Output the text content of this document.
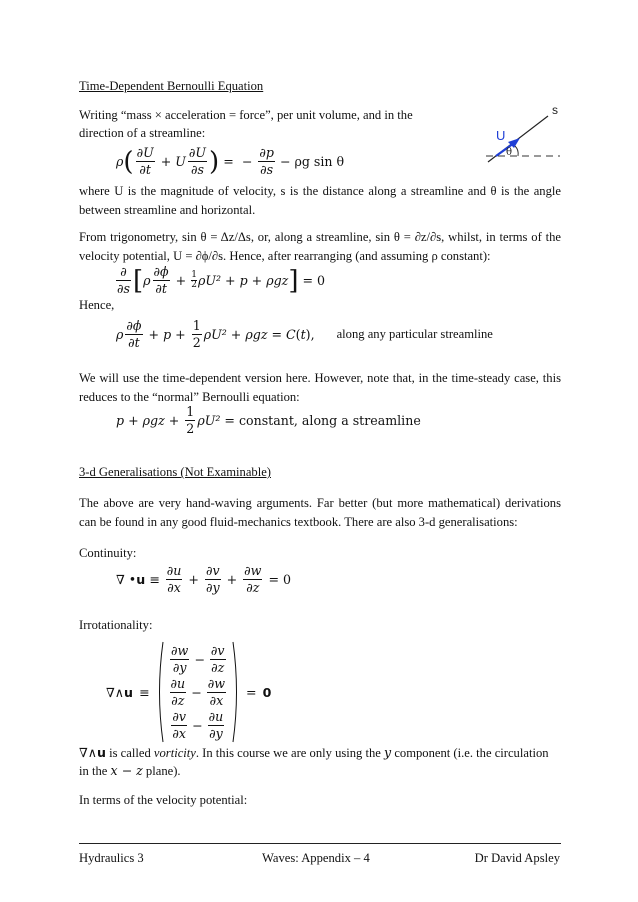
Time-Dependent Bernoulli Equation
Writing “mass × acceleration = force”, per unit volume, and in the
direction of a streamline:
s
U
θ
ρ ( $\frac{\partial U}{\partial t} + U \frac{\partial U}{\partial s}$ ) = − $\frac{\partial p}{\partial s} - \rho g$ sin θ
where U is the magnitude of velocity, s is the distance along a streamline and θ is the angle between streamline and horizontal.
From trigonometry, sin θ = Δz/Δs, or, along a streamline, sin θ = ∂z/∂s, whilst, in terms of the velocity potential, U = ∂ϕ/∂s. Hence, after rearranging (and assuming ρ constant):
$\frac{\partial}{\partial s}$ [ ρ $\frac{\partial\phi}{\partial t} + \frac{1}{2} \rho U^2 + p + \rho gz$ ] = 0
Hence,
ρ $\frac{\partial\phi}{\partial t} + p + \frac{1}{2} \rho U^2 + \rho gz = C$ ( t ), along any particular streamline
We will use the time-dependent version here. However, note that, in the time-steady case, this reduces to the “normal” Bernoulli equation:
$p + \rho gz + \frac{1}{2} \rho U^2$ = constant, along a streamline
3-d Generalisations (Not Examinable)
The above are very hand-waving arguments. Far better (but more mathematical) derivations can be found in any good fluid-mechanics textbook. There are also 3-d generalisations:
Continuity:
∇ • $u \equiv \frac{\partial u}{\partial x} + \frac{\partial v}{\partial y} + \frac{\partial w}{\partial z} = 0$
Irrotationality:
∇∧ u ≡
$\frac{\partial w}{\partial y} - \frac{\partial v}{\partial z}$
$\frac{\partial u}{\partial z} - \frac{\partial w}{\partial x}$
$\frac{\partial v}{\partial x} - \frac{\partial u}{\partial y}$
= 0
∇∧u is called vorticity. In this course we are only using the y component (i.e. the circulation
in the x − z plane).
In terms of the velocity potential:
Hydraulics 3	Waves: Appendix – 4	Dr David Apsley
